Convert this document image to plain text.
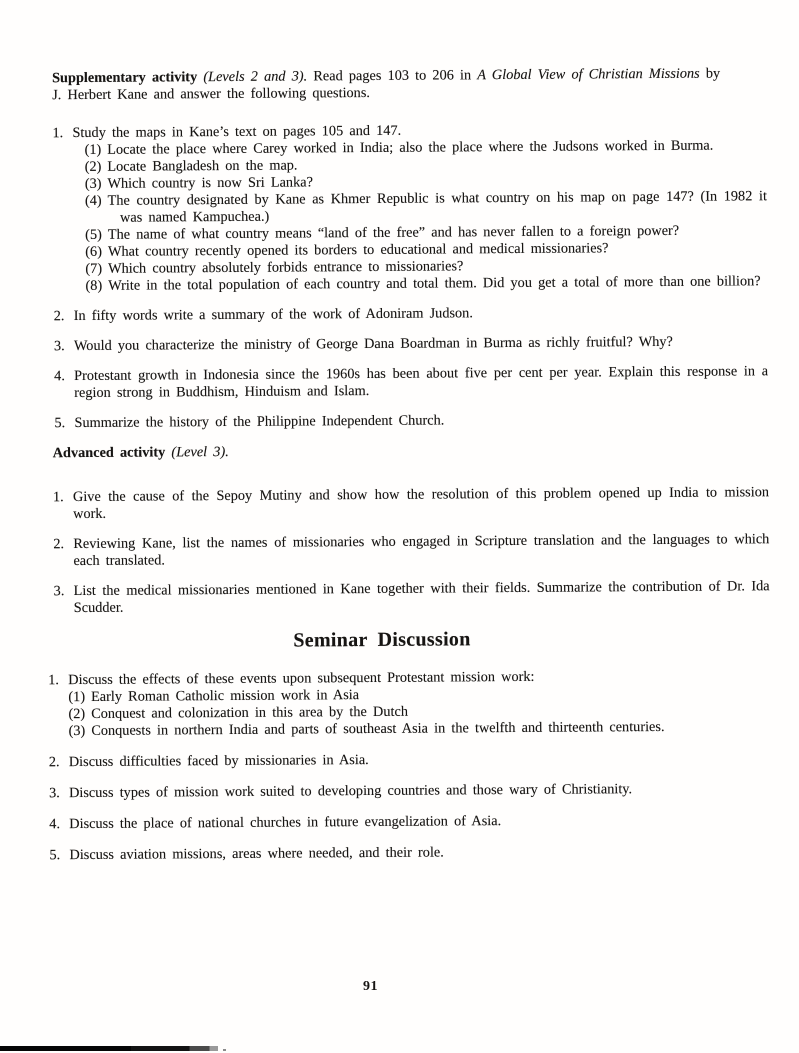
Supplementary activity (Levels 2 and 3). Read pages 103 to 206 in A Global View of Christian Missions by
J. Herbert Kane and answer the following questions.

1. Study the maps in Kane’s text on pages 105 and 147.
(1) Locate the place where Carey worked in India; also the place where the Judsons worked in Burma.
(2) Locate Bangladesh on the map.
(3) Which country is now Sri Lanka?
(4) The country designated by Kane as Khmer Republic is what country on his map on page 147? (In 1982 it was named Kampuchea.)
(5) The name of what country means “land of the free” and has never fallen to a foreign power?
(6) What country recently opened its borders to educational and medical missionaries?
(7) Which country absolutely forbids entrance to missionaries?
(8) Write in the total population of each country and total them. Did you get a total of more than one billion?
2. In fifty words write a summary of the work of Adoniram Judson.
3. Would you characterize the ministry of George Dana Boardman in Burma as richly fruitful? Why?
4. Protestant growth in Indonesia since the 1960s has been about five per cent per year. Explain this response in a region strong in Buddhism, Hinduism and Islam.
5. Summarize the history of the Philippine Independent Church.

Advanced activity (Level 3).

1. Give the cause of the Sepoy Mutiny and show how the resolution of this problem opened up India to mission work.
2. Reviewing Kane, list the names of missionaries who engaged in Scripture translation and the languages to which each translated.
3. List the medical missionaries mentioned in Kane together with their fields. Summarize the contribution of Dr. Ida Scudder.

Seminar Discussion

1. Discuss the effects of these events upon subsequent Protestant mission work:
(1) Early Roman Catholic mission work in Asia
(2) Conquest and colonization in this area by the Dutch
(3) Conquests in northern India and parts of southeast Asia in the twelfth and thirteenth centuries.
2. Discuss difficulties faced by missionaries in Asia.
3. Discuss types of mission work suited to developing countries and those wary of Christianity.
4. Discuss the place of national churches in future evangelization of Asia.
5. Discuss aviation missions, areas where needed, and their role.
91
